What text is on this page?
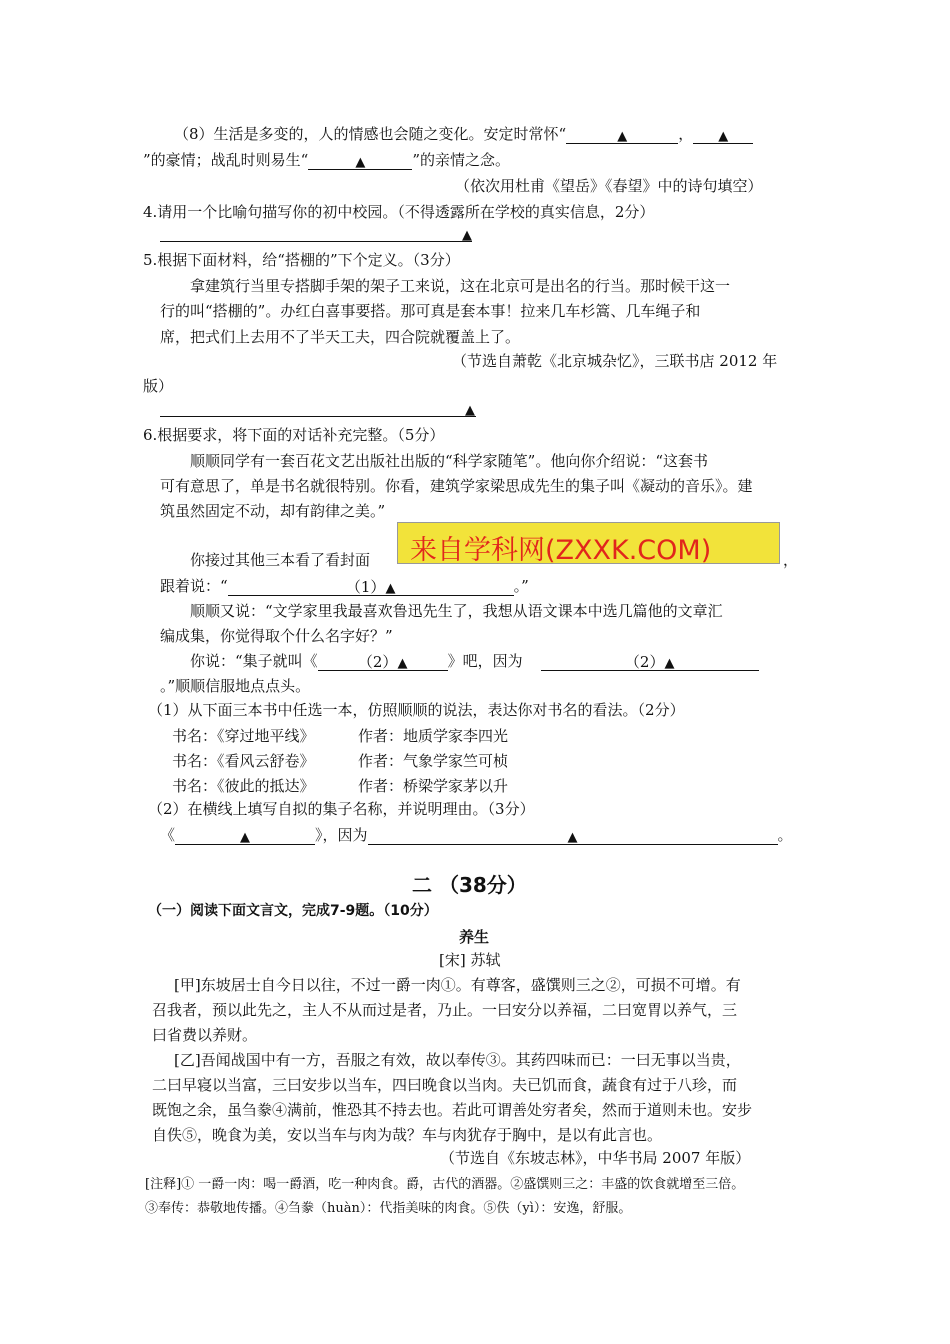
（8）生活是多变的，人的情感也会随之变化。安定时常怀“	▲	， ▲
”的豪情；战乱时则易生“	▲	”的亲情之念。
（依次用杜甫《望岳》《春望》中的诗句填空）
4.请用一个比喻句描写你的初中校园。（不得透露所在学校的真实信息，2分）
▲
5.根据下面材料，给“搭棚的”下个定义。（3分）
拿建筑行当里专搭脚手架的架子工来说，这在北京可是出名的行当。那时候干这一
行的叫“搭棚的”。办红白喜事要搭。那可真是套本事！拉来几车杉篙、几车绳子和
席，把式们上去用不了半天工夫，四合院就覆盖上了。
（节选自萧乾《北京城杂忆》，三联书店 2012 年
版）
▲
6.根据要求，将下面的对话补充完整。（5分）
顺顺同学有一套百花文艺出版社出版的“科学家随笔”。他向你介绍说：“这套书
可有意思了，单是书名就很特别。你看，建筑学家梁思成先生的集子叫《凝动的音乐》。建
筑虽然固定不动，却有韵律之美。”
你接过其他三本看了看封面 来自学科网(ZXXK.COM)	，
跟着说：“	（1）▲	。”
顺顺又说：“文学家里我最喜欢鲁迅先生了，我想从语文课本中选几篇他的文章汇
编成集，你觉得取个什么名字好？”
你说：“集子就叫《	（2）▲	》吧，因为	（2）▲
。”顺顺信服地点点头。
（1）从下面三本书中任选一本，仿照顺顺的说法，表达你对书名的看法。（2分）
书名：《穿过地平线》	作者：地质学家李四光
书名：《看风云舒卷》	作者：气象学家竺可桢
书名：《彼此的抵达》	作者：桥梁学家茅以升
（2）在横线上填写自拟的集子名称，并说明理由。（3分）
《	▲	》，因为	▲	。
二 （38分）
（一）阅读下面文言文，完成7-9题。（10分）
养生
[宋] 苏轼
[甲]东坡居士自今日以往，不过一爵一肉①。有尊客，盛馔则三之②，可损不可增。有
召我者，预以此先之，主人不从而过是者，乃止。一曰安分以养福，二曰宽胃以养气，三
曰省费以养财。
[乙]吾闻战国中有一方，吾服之有效，故以奉传③。其药四味而已：一曰无事以当贵，
二曰早寝以当富，三曰安步以当车，四曰晚食以当肉。夫已饥而食，蔬食有过于八珍，而
既饱之余，虽刍豢④满前，惟恐其不持去也。若此可谓善处穷者矣，然而于道则未也。安步
自佚⑤，晚食为美，安以当车与肉为哉？车与肉犹存于胸中，是以有此言也。
（节选自《东坡志林》，中华书局 2007 年版）
[注释]① 一爵一肉：喝一爵酒，吃一种肉食。爵，古代的酒器。②盛馔则三之：丰盛的饮食就增至三倍。
③奉传：恭敬地传播。④刍豢（huàn）：代指美味的肉食。⑤佚（yì）：安逸，舒服。
